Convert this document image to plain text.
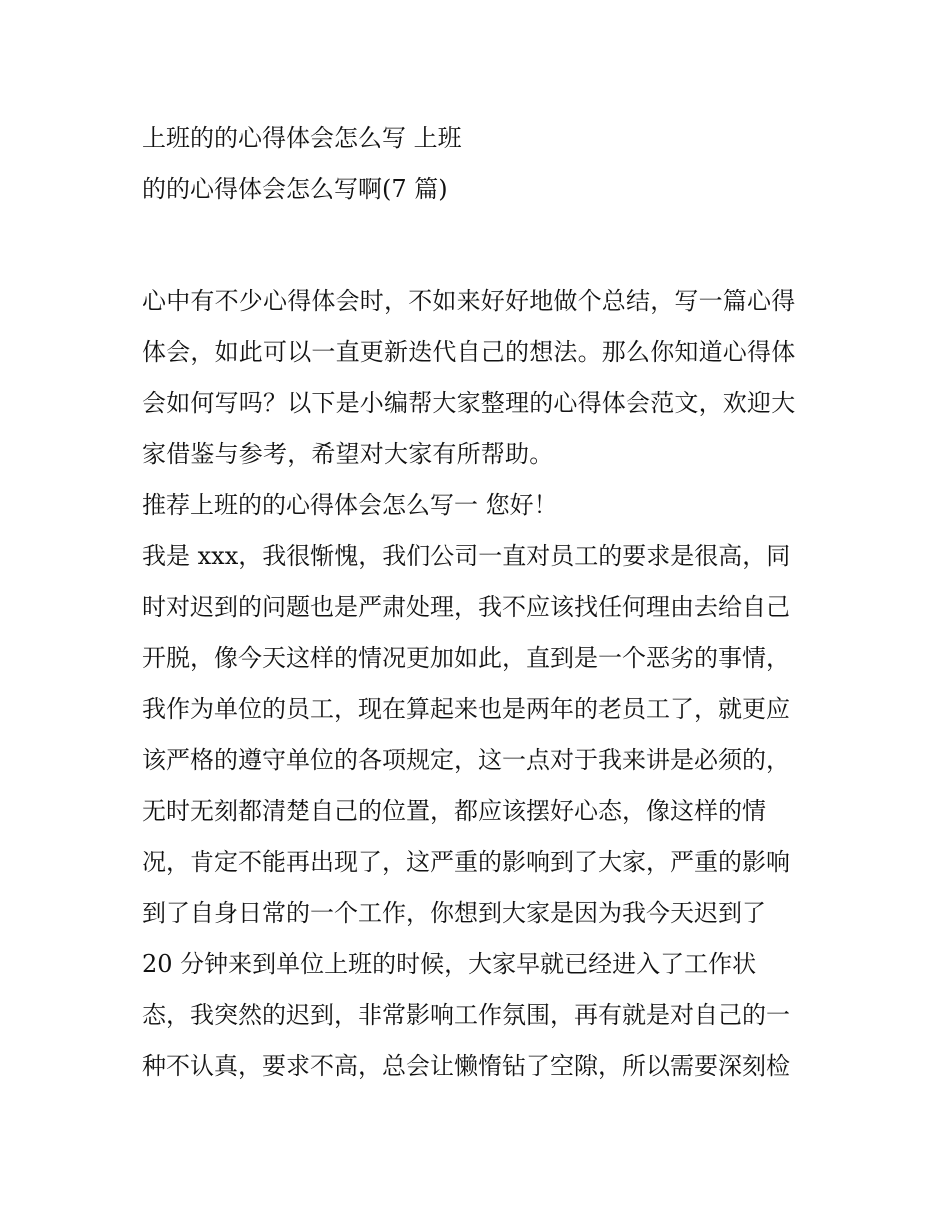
上班的的心得体会怎么写 上班
的的心得体会怎么写啊(7 篇)
心中有不少心得体会时，不如来好好地做个总结，写一篇心得
体会，如此可以一直更新迭代自己的想法。那么你知道心得体
会如何写吗？以下是小编帮大家整理的心得体会范文，欢迎大
家借鉴与参考，希望对大家有所帮助。
推荐上班的的心得体会怎么写一 您好！
我是 xxx，我很惭愧，我们公司一直对员工的要求是很高，同
时对迟到的问题也是严肃处理，我不应该找任何理由去给自己
开脱，像今天这样的情况更加如此，直到是一个恶劣的事情，
我作为单位的员工，现在算起来也是两年的老员工了，就更应
该严格的遵守单位的各项规定，这一点对于我来讲是必须的，
无时无刻都清楚自己的位置，都应该摆好心态，像这样的情
况，肯定不能再出现了，这严重的影响到了大家，严重的影响
到了自身日常的一个工作，你想到大家是因为我今天迟到了
20 分钟来到单位上班的时候，大家早就已经进入了工作状
态，我突然的迟到，非常影响工作氛围，再有就是对自己的一
种不认真，要求不高，总会让懒惰钻了空隙，所以需要深刻检
